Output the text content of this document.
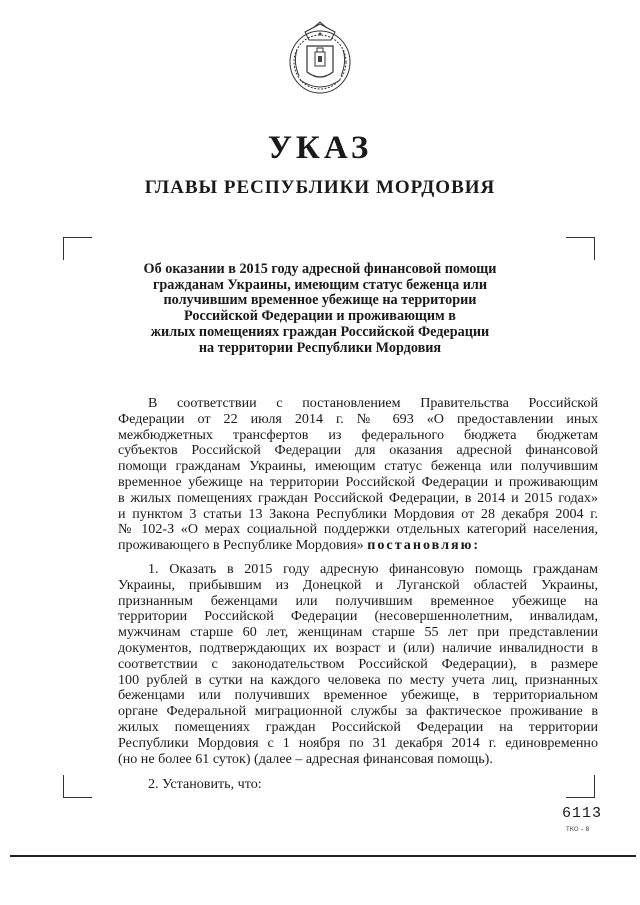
УКАЗ
ГЛАВЫ РЕСПУБЛИКИ МОРДОВИЯ
Об оказании в 2015 году адресной финансовой помощи
гражданам Украины, имеющим статус беженца или
получившим временное убежище на территории
Российской Федерации и проживающим в
жилых помещениях граждан Российской Федерации
на территории Республики Мордовия
В соответствии с постановлением Правительства Российской
Федерации от 22 июля 2014 г. № 693 «О предоставлении иных
межбюджетных трансфертов из федерального бюджета бюджетам
субъектов Российской Федерации для оказания адресной финансовой
помощи гражданам Украины, имеющим статус беженца или получившим
временное убежище на территории Российской Федерации и проживающим
в жилых помещениях граждан Российской Федерации, в 2014 и 2015 годах»
и пунктом 3 статьи 13 Закона Республики Мордовия от 28 декабря 2004 г.
№ 102-З «О мерах социальной поддержки отдельных категорий населения,
проживающего в Республике Мордовия» постановляю:
1. Оказать в 2015 году адресную финансовую помощь гражданам
Украины, прибывшим из Донецкой и Луганской областей Украины,
признанным беженцами или получившим временное убежище на
территории Российской Федерации (несовершеннолетним, инвалидам,
мужчинам старше 60 лет, женщинам старше 55 лет при представлении
документов, подтверждающих их возраст и (или) наличие инвалидности в
соответствии с законодательством Российской Федерации), в размере
100 рублей в сутки на каждого человека по месту учета лиц, признанных
беженцами или получивших временное убежище, в территориальном
органе Федеральной миграционной службы за фактическое проживание в
жилых помещениях граждан Российской Федерации на территории
Республики Мордовия с 1 ноября по 31 декабря 2014 г. единовременно
(но не более 61 суток) (далее – адресная финансовая помощь).
2. Установить, что:
6113
ТКО – 8
